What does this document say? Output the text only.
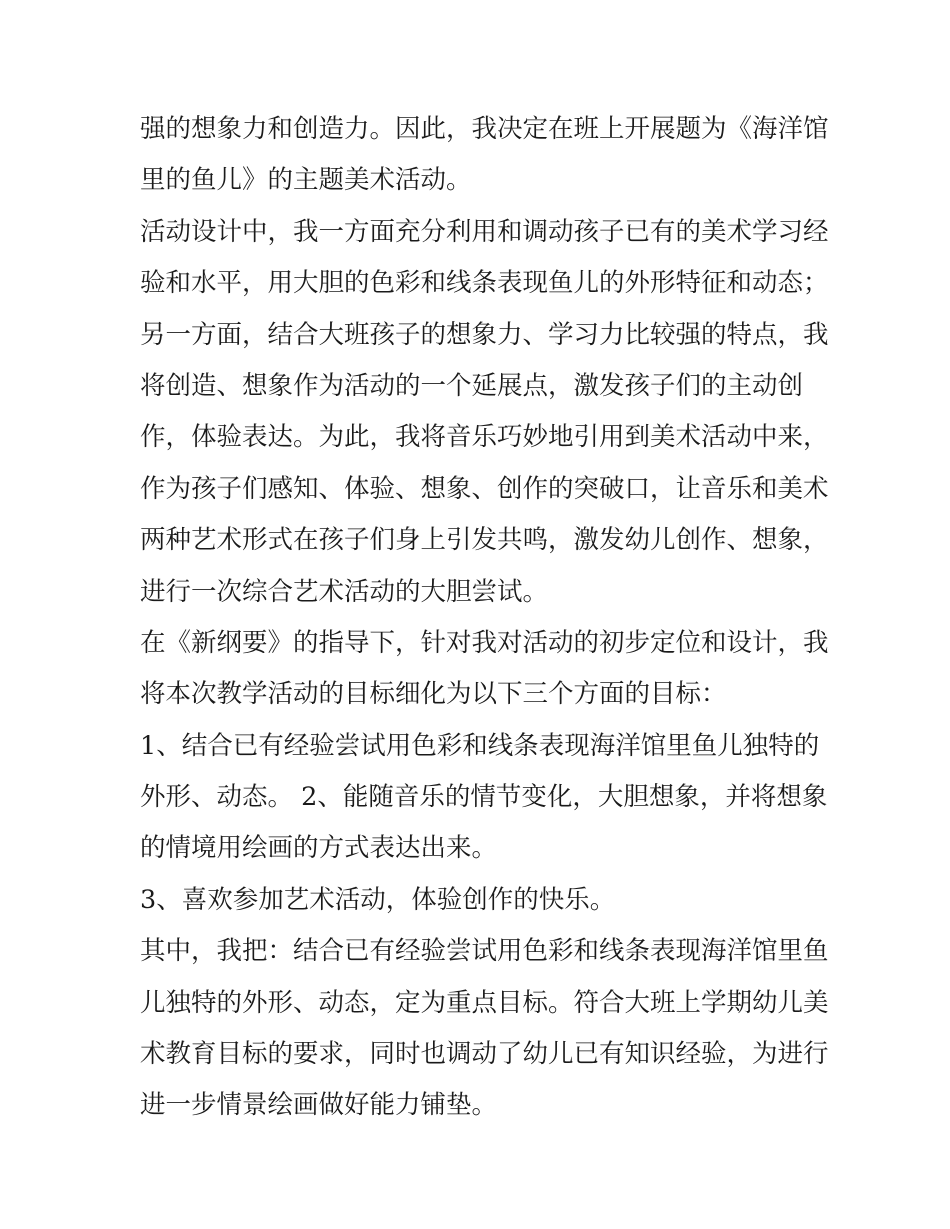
强的想象力和创造力。因此，我决定在班上开展题为《海洋馆
里的鱼儿》的主题美术活动。
活动设计中，我一方面充分利用和调动孩子已有的美术学习经
验和水平，用大胆的色彩和线条表现鱼儿的外形特征和动态；
另一方面，结合大班孩子的想象力、学习力比较强的特点，我
将创造、想象作为活动的一个延展点，激发孩子们的主动创
作，体验表达。为此，我将音乐巧妙地引用到美术活动中来，
作为孩子们感知、体验、想象、创作的突破口，让音乐和美术
两种艺术形式在孩子们身上引发共鸣，激发幼儿创作、想象，
进行一次综合艺术活动的大胆尝试。
在《新纲要》的指导下，针对我对活动的初步定位和设计，我
将本次教学活动的目标细化为以下三个方面的目标：
1、结合已有经验尝试用色彩和线条表现海洋馆里鱼儿独特的
外形、动态。 2、能随音乐的情节变化，大胆想象，并将想象
的情境用绘画的方式表达出来。
3、喜欢参加艺术活动，体验创作的快乐。
其中，我把：结合已有经验尝试用色彩和线条表现海洋馆里鱼
儿独特的外形、动态，定为重点目标。符合大班上学期幼儿美
术教育目标的要求，同时也调动了幼儿已有知识经验，为进行
进一步情景绘画做好能力铺垫。
